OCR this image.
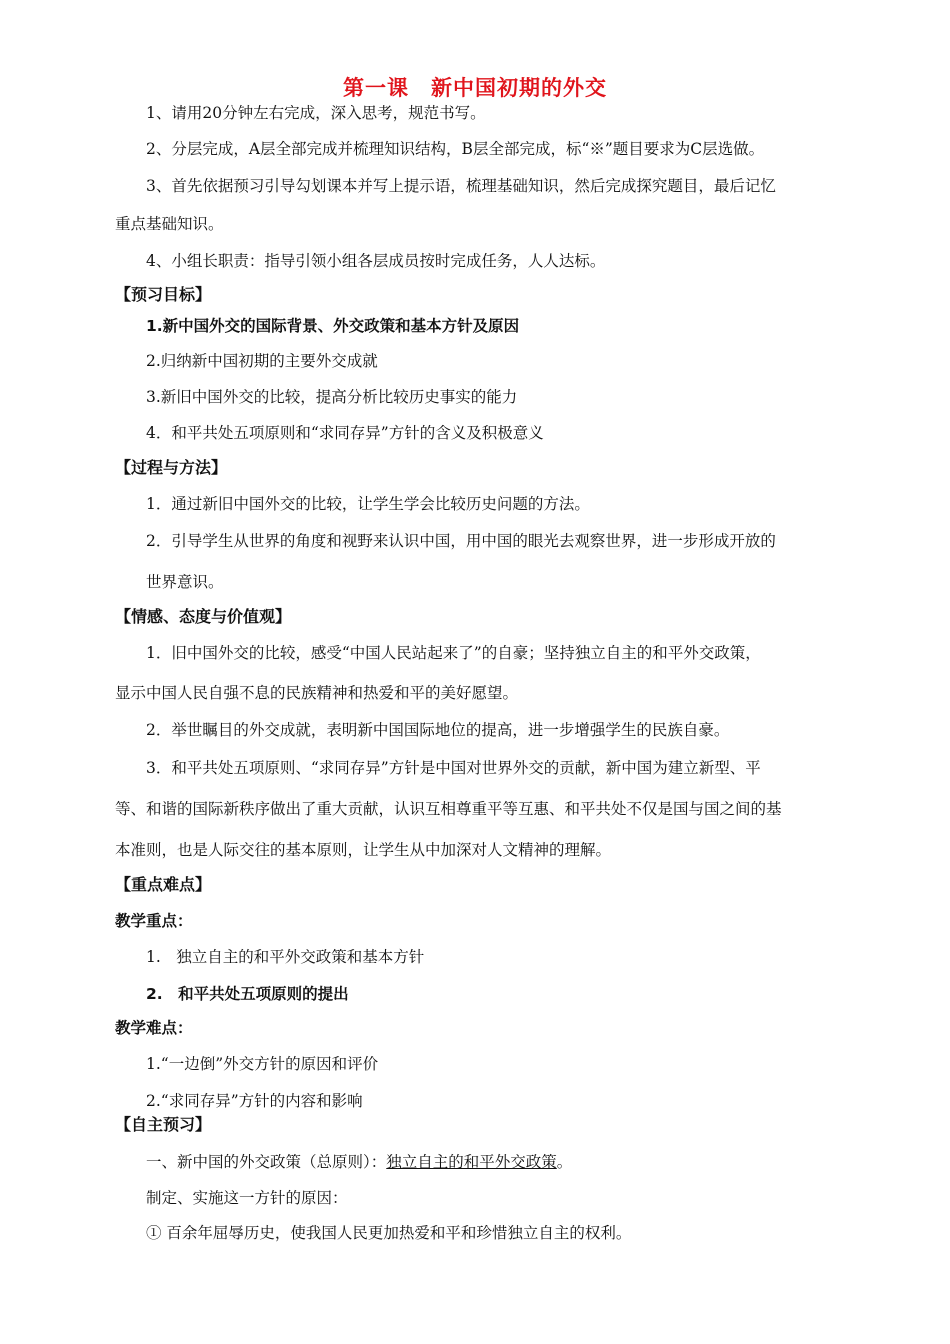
第一课　新中国初期的外交
1、请用20分钟左右完成，深入思考，规范书写。
2、分层完成，A层全部完成并梳理知识结构，B层全部完成，标“※”题目要求为C层选做。
3、首先依据预习引导勾划课本并写上提示语，梳理基础知识，然后完成探究题目，最后记忆
重点基础知识。
4、小组长职责：指导引领小组各层成员按时完成任务，人人达标。
【预习目标】
1.新中国外交的国际背景、外交政策和基本方针及原因
2.归纳新中国初期的主要外交成就
3.新旧中国外交的比较，提高分析比较历史事实的能力
4．和平共处五项原则和“求同存异”方针的含义及积极意义
【过程与方法】
1．通过新旧中国外交的比较，让学生学会比较历史问题的方法。
2．引导学生从世界的角度和视野来认识中国，用中国的眼光去观察世界，进一步形成开放的
世界意识。
【情感、态度与价值观】
1．旧中国外交的比较，感受“中国人民站起来了”的自豪；坚持独立自主的和平外交政策，
显示中国人民自强不息的民族精神和热爱和平的美好愿望。
2．举世瞩目的外交成就，表明新中国国际地位的提高，进一步增强学生的民族自豪。
3．和平共处五项原则、“求同存异”方针是中国对世界外交的贡献，新中国为建立新型、平
等、和谐的国际新秩序做出了重大贡献，认识互相尊重平等互惠、和平共处不仅是国与国之间的基
本准则，也是人际交往的基本原则，让学生从中加深对人文精神的理解。
【重点难点】
教学重点：
1.　独立自主的和平外交政策和基本方针
2.　和平共处五项原则的提出
教学难点：
1.“一边倒”外交方针的原因和评价
2.“求同存异”方针的内容和影响
【自主预习】
一、新中国的外交政策（总原则）：独立自主的和平外交政策。
制定、实施这一方针的原因：
① 百余年屈辱历史，使我国人民更加热爱和平和珍惜独立自主的权利。
